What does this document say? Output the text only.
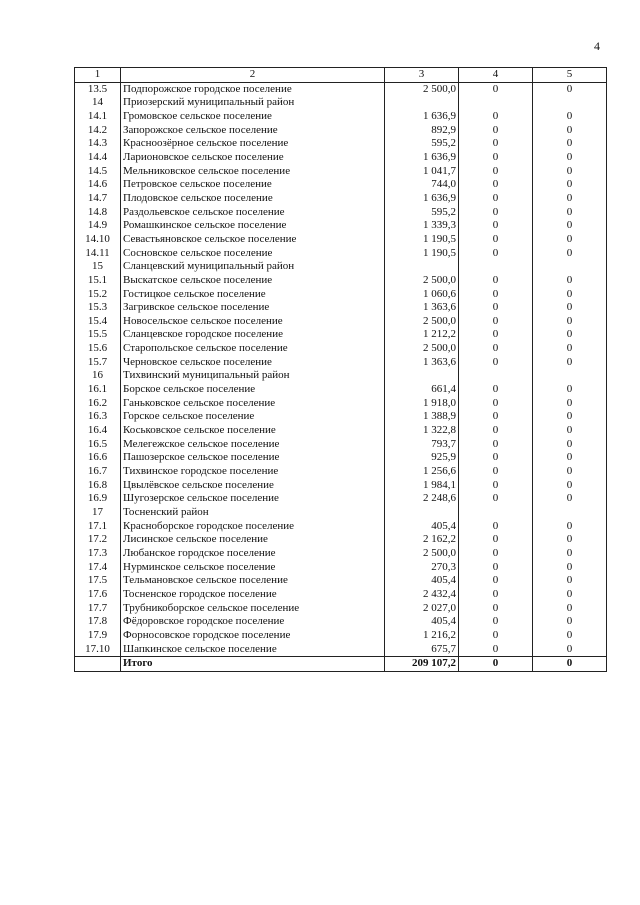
4
1	2	3	4	5
13.5	Подпорожское городское поселение	2 500,0	0	0
14	Приозерский муниципальный район			
14.1	Громовское сельское поселение	1 636,9	0	0
14.2	Запорожское сельское поселение	892,9	0	0
14.3	Красноозёрное сельское поселение	595,2	0	0
14.4	Ларионовское сельское поселение	1 636,9	0	0
14.5	Мельниковское сельское поселение	1 041,7	0	0
14.6	Петровское сельское поселение	744,0	0	0
14.7	Плодовское сельское поселение	1 636,9	0	0
14.8	Раздольевское сельское поселение	595,2	0	0
14.9	Ромашкинское сельское поселение	1 339,3	0	0
14.10	Севастьяновское сельское поселение	1 190,5	0	0
14.11	Сосновское сельское поселение	1 190,5	0	0
15	Сланцевский муниципальный район			
15.1	Выскатское сельское поселение	2 500,0	0	0
15.2	Гостицкое сельское поселение	1 060,6	0	0
15.3	Загривское сельское поселение	1 363,6	0	0
15.4	Новосельское сельское поселение	2 500,0	0	0
15.5	Сланцевское городское поселение	1 212,2	0	0
15.6	Старопольское сельское поселение	2 500,0	0	0
15.7	Черновское сельское поселение	1 363,6	0	0
16	Тихвинский муниципальный район			
16.1	Борское сельское поселение	661,4	0	0
16.2	Ганьковское сельское поселение	1 918,0	0	0
16.3	Горское сельское поселение	1 388,9	0	0
16.4	Коськовское сельское поселение	1 322,8	0	0
16.5	Мелегежское сельское поселение	793,7	0	0
16.6	Пашозерское сельское поселение	925,9	0	0
16.7	Тихвинское городское поселение	1 256,6	0	0
16.8	Цвылёвское сельское поселение	1 984,1	0	0
16.9	Шугозерское сельское поселение	2 248,6	0	0
17	Тосненский район			
17.1	Красноборское городское поселение	405,4	0	0
17.2	Лисинское сельское поселение	2 162,2	0	0
17.3	Любанское городское поселение	2 500,0	0	0
17.4	Нурминское сельское поселение	270,3	0	0
17.5	Тельмановское сельское поселение	405,4	0	0
17.6	Тосненское городское поселение	2 432,4	0	0
17.7	Трубникоборское сельское поселение	2 027,0	0	0
17.8	Фёдоровское городское поселение	405,4	0	0
17.9	Форносовское городское поселение	1 216,2	0	0
17.10	Шапкинское сельское поселение	675,7	0	0
	Итого	209 107,2	0	0
